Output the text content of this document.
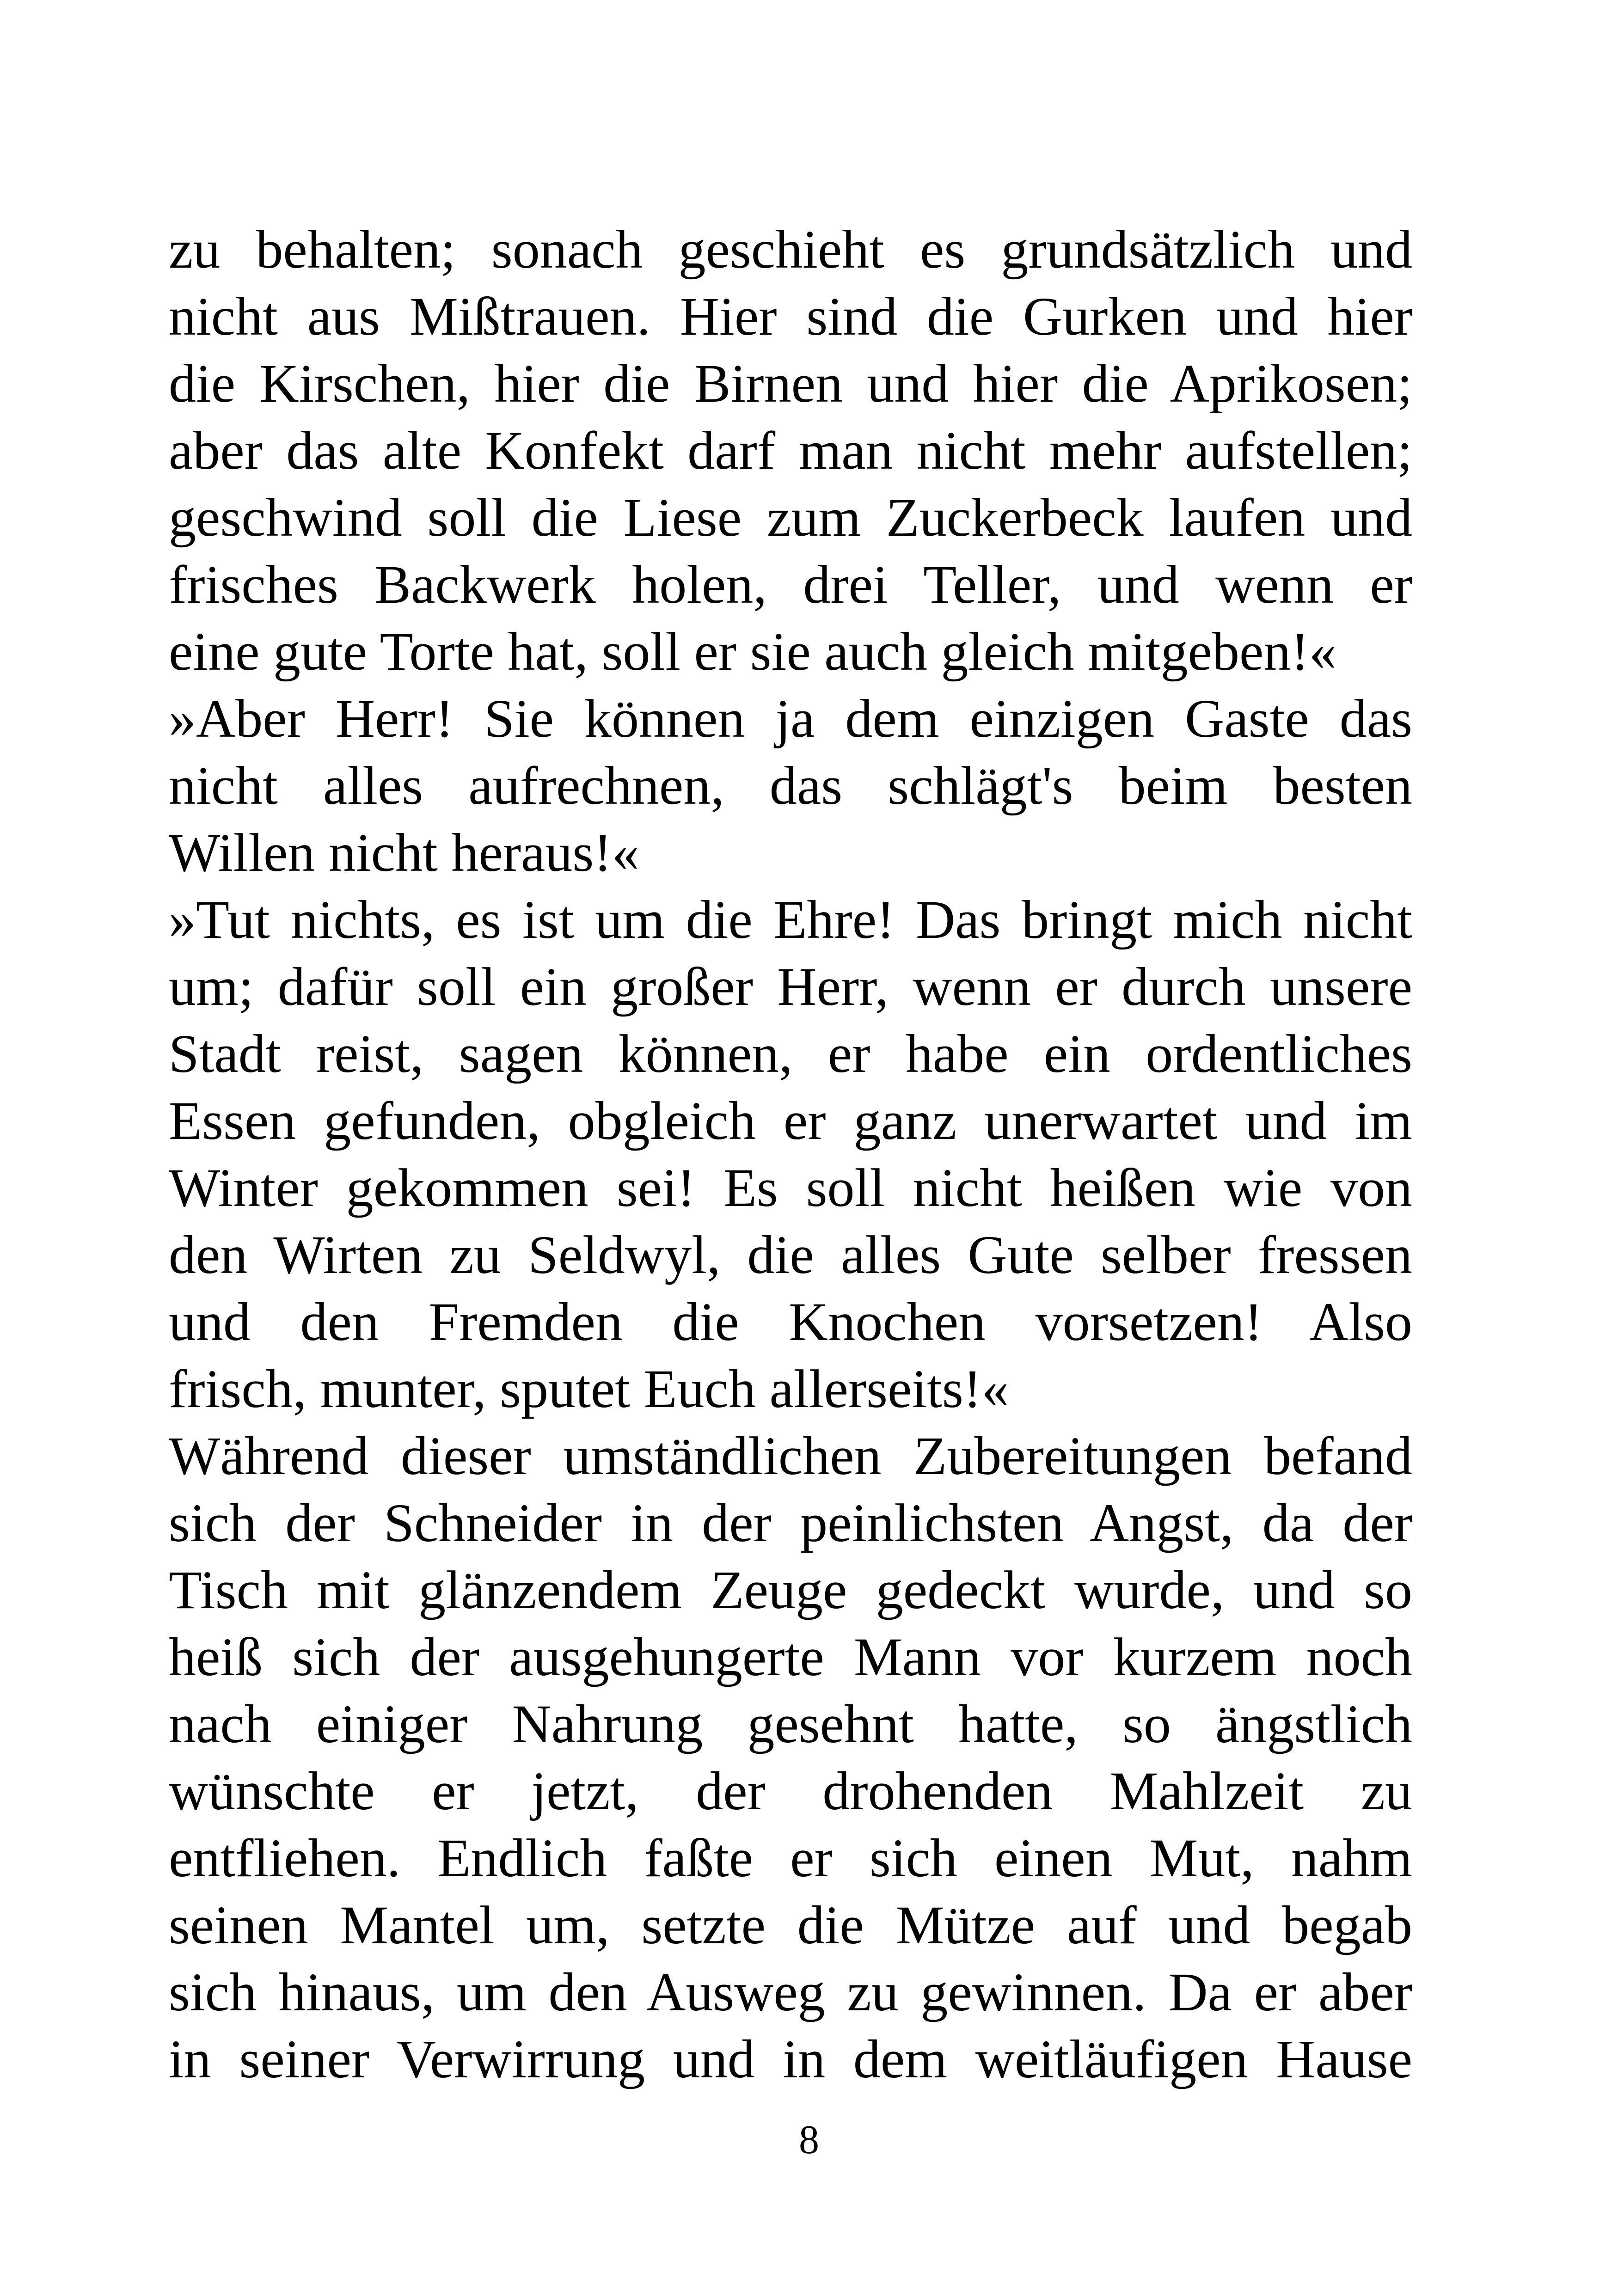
zu behalten; sonach geschieht es grundsätzlich und
nicht aus Mißtrauen. Hier sind die Gurken und hier
die Kirschen, hier die Birnen und hier die Aprikosen;
aber das alte Konfekt darf man nicht mehr aufstellen;
geschwind soll die Liese zum Zuckerbeck laufen und
frisches Backwerk holen, drei Teller, und wenn er
eine gute Torte hat, soll er sie auch gleich mitgeben!«
»Aber Herr! Sie können ja dem einzigen Gaste das
nicht alles aufrechnen, das schlägt's beim besten
Willen nicht heraus!«
»Tut nichts, es ist um die Ehre! Das bringt mich nicht
um; dafür soll ein großer Herr, wenn er durch unsere
Stadt reist, sagen können, er habe ein ordentliches
Essen gefunden, obgleich er ganz unerwartet und im
Winter gekommen sei! Es soll nicht heißen wie von
den Wirten zu Seldwyl, die alles Gute selber fressen
und den Fremden die Knochen vorsetzen! Also
frisch, munter, sputet Euch allerseits!«
Während dieser umständlichen Zubereitungen befand
sich der Schneider in der peinlichsten Angst, da der
Tisch mit glänzendem Zeuge gedeckt wurde, und so
heiß sich der ausgehungerte Mann vor kurzem noch
nach einiger Nahrung gesehnt hatte, so ängstlich
wünschte er jetzt, der drohenden Mahlzeit zu
entfliehen. Endlich faßte er sich einen Mut, nahm
seinen Mantel um, setzte die Mütze auf und begab
sich hinaus, um den Ausweg zu gewinnen. Da er aber
in seiner Verwirrung und in dem weitläufigen Hause
8
